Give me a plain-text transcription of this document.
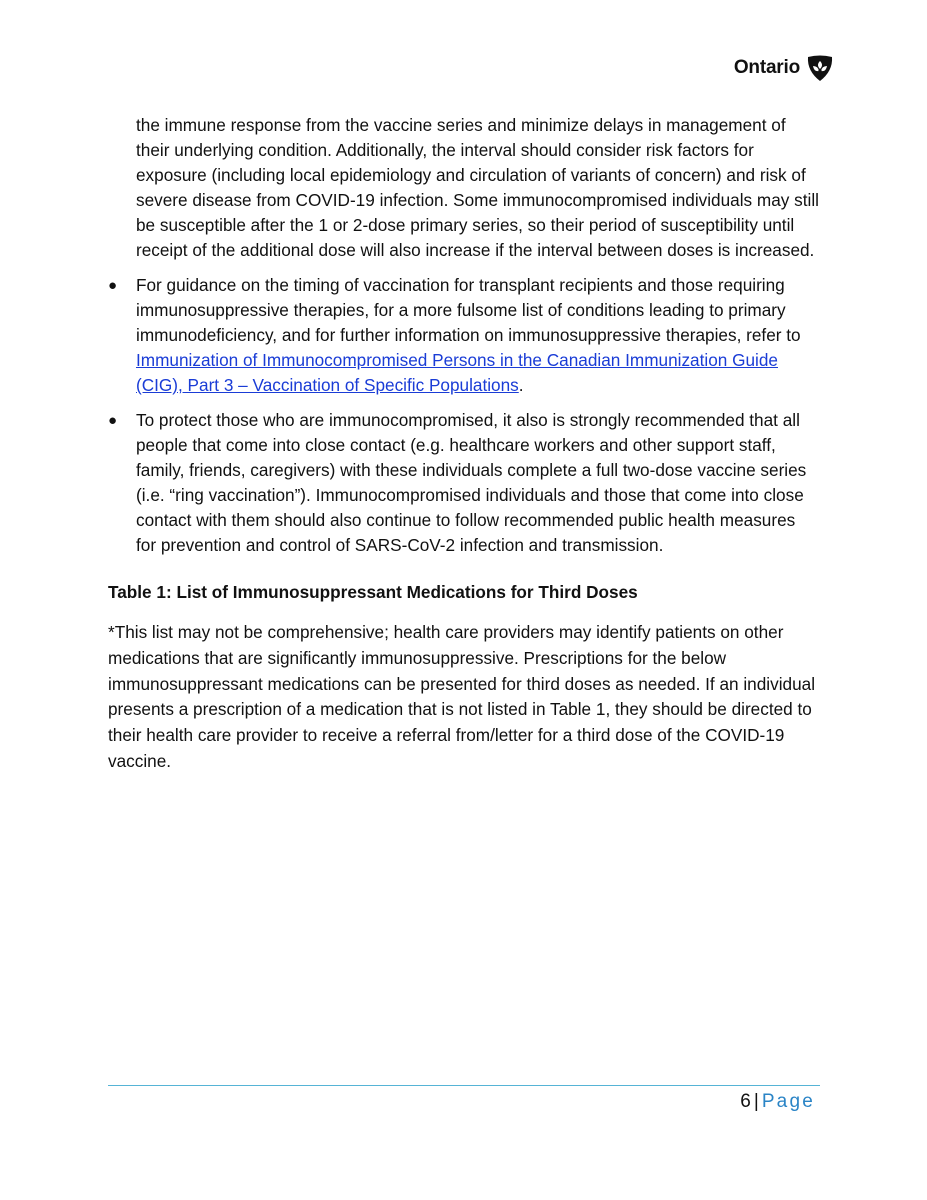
Ontario

the immune response from the vaccine series and minimize delays in management of their underlying condition. Additionally, the interval should consider risk factors for exposure (including local epidemiology and circulation of variants of concern) and risk of severe disease from COVID-19 infection. Some immunocompromised individuals may still be susceptible after the 1 or 2-dose primary series, so their period of susceptibility until receipt of the additional dose will also increase if the interval between doses is increased.

● For guidance on the timing of vaccination for transplant recipients and those requiring immunosuppressive therapies, for a more fulsome list of conditions leading to primary immunodeficiency, and for further information on immunosuppressive therapies, refer to Immunization of Immunocompromised Persons in the Canadian Immunization Guide (CIG), Part 3 – Vaccination of Specific Populations.
● To protect those who are immunocompromised, it also is strongly recommended that all people that come into close contact (e.g. healthcare workers and other support staff, family, friends, caregivers) with these individuals complete a full two-dose vaccine series (i.e. “ring vaccination”). Immunocompromised individuals and those that come into close contact with them should also continue to follow recommended public health measures for prevention and control of SARS-CoV-2 infection and transmission.
Table 1: List of Immunosuppressant Medications for Third Doses

*This list may not be comprehensive; health care providers may identify patients on other medications that are significantly immunosuppressive. Prescriptions for the below immunosuppressant medications can be presented for third doses as needed. If an individual presents a prescription of a medication that is not listed in Table 1, they should be directed to their health care provider to receive a referral from/letter for a third dose of the COVID-19 vaccine.

6 | Page
